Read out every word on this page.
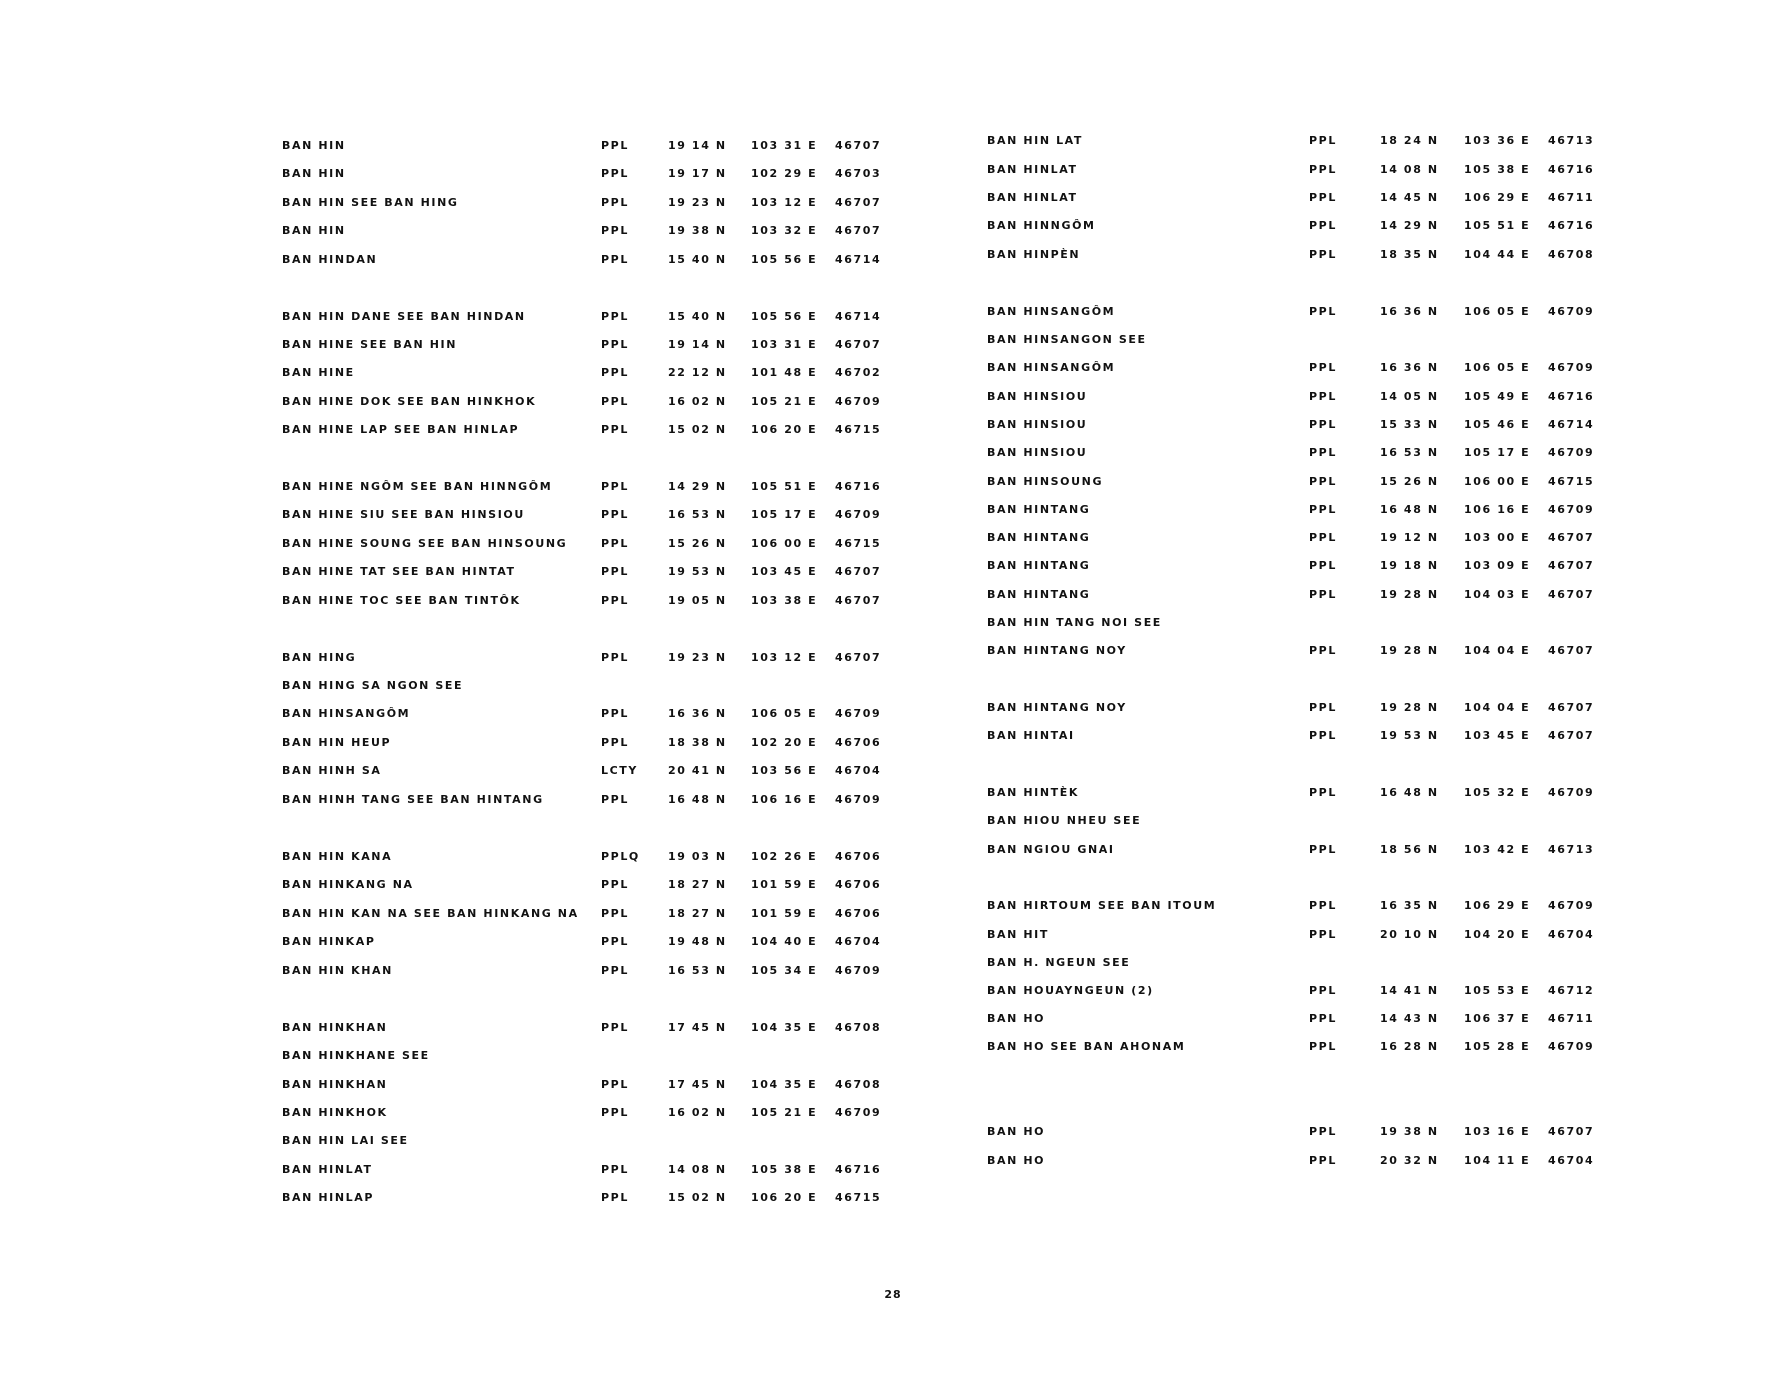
BAN HIN	PPL	19 14 N 103 31 E 46707
BAN HIN	PPL	19 17 N 102 29 E 46703
BAN HIN SEE BAN HING	PPL	19 23 N 103 12 E 46707
BAN HIN	PPL	19 38 N 103 32 E 46707
BAN HINDAN	PPL	15 40 N 105 56 E 46714
BAN HIN DANE SEE BAN HINDAN	PPL	15 40 N 105 56 E 46714
BAN HINE SEE BAN HIN	PPL	19 14 N 103 31 E 46707
BAN HINE	PPL	22 12 N 101 48 E 46702
BAN HINE DOK SEE BAN HINKHOK	PPL	16 02 N 105 21 E 46709
BAN HINE LAP SEE BAN HINLAP	PPL	15 02 N 106 20 E 46715
BAN HINE NGÔM SEE BAN HINNGÔM	PPL	14 29 N 105 51 E 46716
BAN HINE SIU SEE BAN HINSIOU	PPL	16 53 N 105 17 E 46709
BAN HINE SOUNG SEE BAN HINSOUNG	PPL	15 26 N 106 00 E 46715
BAN HINE TAT SEE BAN HINTAT	PPL	19 53 N 103 45 E 46707
BAN HINE TOC SEE BAN TINTÔK	PPL	19 05 N 103 38 E 46707
BAN HING	PPL	19 23 N 103 12 E 46707
BAN HING SA NGON SEE
BAN HINSANGÔM	PPL	16 36 N 106 05 E 46709
BAN HIN HEUP	PPL	18 38 N 102 20 E 46706
BAN HINH SA	LCTY	20 41 N 103 56 E 46704
BAN HINH TANG SEE BAN HINTANG	PPL	16 48 N 106 16 E 46709
BAN HIN KANA	PPLQ	19 03 N 102 26 E 46706
BAN HINKANG NA	PPL	18 27 N 101 59 E 46706
BAN HIN KAN NA SEE BAN HINKANG NA PPL	18 27 N 101 59 E 46706
BAN HINKAP	PPL	19 48 N 104 40 E 46704
BAN HIN KHAN	PPL	16 53 N 105 34 E 46709
BAN HINKHAN	PPL	17 45 N 104 35 E 46708
BAN HINKHANE SEE
BAN HINKHAN	PPL	17 45 N 104 35 E 46708
BAN HINKHOK	PPL	16 02 N 105 21 E 46709
BAN HIN LAI SEE
BAN HINLAT	PPL	14 08 N 105 38 E 46716
BAN HINLAP	PPL	15 02 N 106 20 E 46715
BAN HIN LAT	PPL	18 24 N 103 36 E 46713
BAN HINLAT	PPL	14 08 N 105 38 E 46716
BAN HINLAT	PPL	14 45 N 106 29 E 46711
BAN HINNGÔM	PPL	14 29 N 105 51 E 46716
BAN HINPÈN	PPL	18 35 N 104 44 E 46708
BAN HINSANGÔM	PPL	16 36 N 106 05 E 46709
BAN HINSANGON SEE
BAN HINSANGÔM	PPL	16 36 N 106 05 E 46709
BAN HINSIOU	PPL	14 05 N 105 49 E 46716
BAN HINSIOU	PPL	15 33 N 105 46 E 46714
BAN HINSIOU	PPL	16 53 N 105 17 E 46709
BAN HINSOUNG	PPL	15 26 N 106 00 E 46715
BAN HINTANG	PPL	16 48 N 106 16 E 46709
BAN HINTANG	PPL	19 12 N 103 00 E 46707
BAN HINTANG	PPL	19 18 N 103 09 E 46707
BAN HINTANG	PPL	19 28 N 104 03 E 46707
BAN HIN TANG NOI SEE
BAN HINTANG NOY	PPL	19 28 N 104 04 E 46707
BAN HINTANG NOY	PPL	19 28 N 104 04 E 46707
BAN HINTAI	PPL	19 53 N 103 45 E 46707
BAN HINTÈK	PPL	16 48 N 105 32 E 46709
BAN HIOU NHEU SEE
BAN NGIOU GNAI	PPL	18 56 N 103 42 E 46713
BAN HIRTOUM SEE BAN ITOUM	PPL	16 35 N 106 29 E 46709
BAN HIT	PPL	20 10 N 104 20 E 46704
BAN H. NGEUN SEE
BAN HOUAYNGEUN (2)	PPL	14 41 N 105 53 E 46712
BAN HO	PPL	14 43 N 106 37 E 46711
BAN HO SEE BAN AHONAM	PPL	16 28 N 105 28 E 46709
BAN HO	PPL	19 38 N 103 16 E 46707
BAN HO	PPL	20 32 N 104 11 E 46704
28
